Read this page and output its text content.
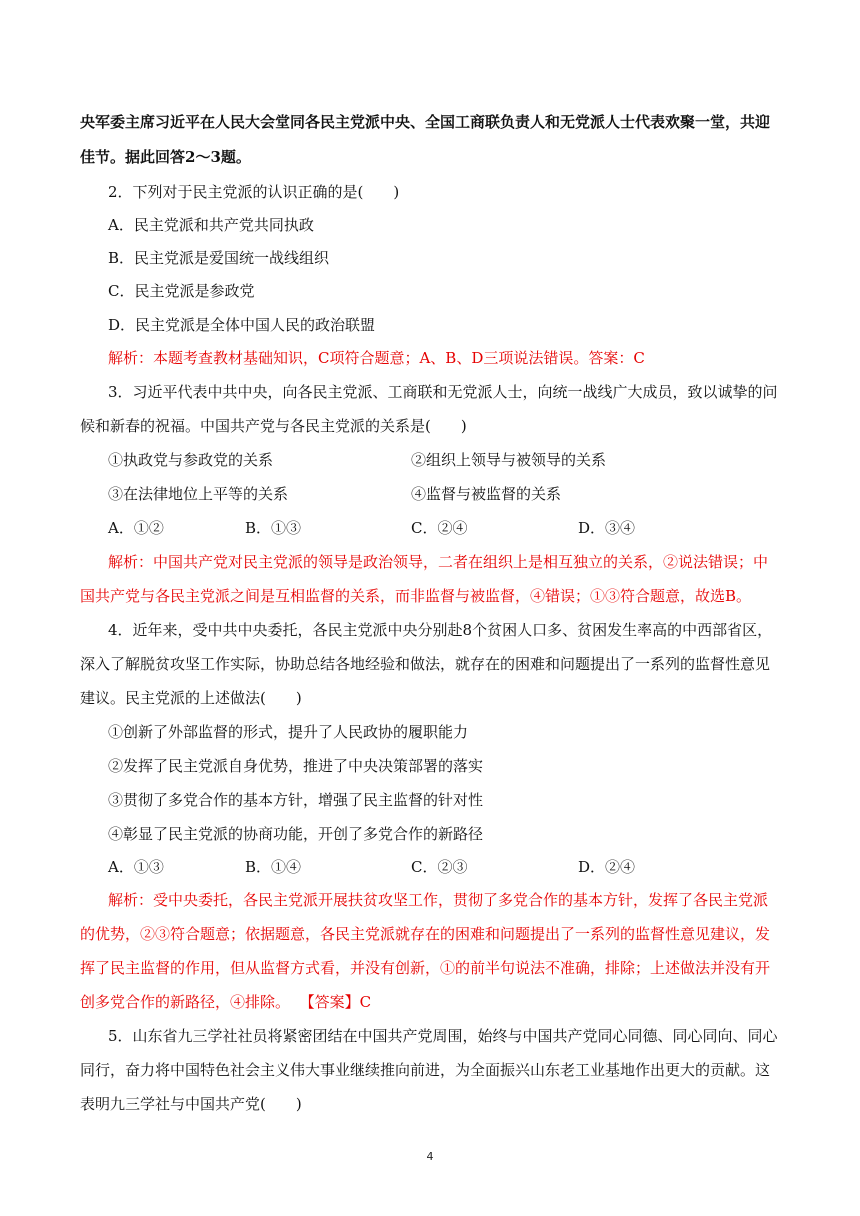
央军委主席习近平在人民大会堂同各民主党派中央、全国工商联负责人和无党派人士代表欢聚一堂，共迎
佳节。据此回答2～3题。
2．下列对于民主党派的认识正确的是(　　)
A．民主党派和共产党共同执政
B．民主党派是爱国统一战线组织
C．民主党派是参政党
D．民主党派是全体中国人民的政治联盟
解析：本题考查教材基础知识，C项符合题意；A、B、D三项说法错误。答案：C
3．习近平代表中共中央，向各民主党派、工商联和无党派人士，向统一战线广大成员，致以诚挚的问
候和新春的祝福。中国共产党与各民主党派的关系是(　　)
①执政党与参政党的关系	②组织上领导与被领导的关系
③在法律地位上平等的关系	④监督与被监督的关系
A．①②	B．①③	C．②④	D．③④
解析：中国共产党对民主党派的领导是政治领导，二者在组织上是相互独立的关系，②说法错误；中
国共产党与各民主党派之间是互相监督的关系，而非监督与被监督，④错误；①③符合题意，故选B。
4．近年来，受中共中央委托，各民主党派中央分别赴8个贫困人口多、贫困发生率高的中西部省区，
深入了解脱贫攻坚工作实际，协助总结各地经验和做法，就存在的困难和问题提出了一系列的监督性意见
建议。民主党派的上述做法(　　)
①创新了外部监督的形式，提升了人民政协的履职能力
②发挥了民主党派自身优势，推进了中央决策部署的落实
③贯彻了多党合作的基本方针，增强了民主监督的针对性
④彰显了民主党派的协商功能，开创了多党合作的新路径
A．①③	B．①④	C．②③	D．②④
解析：受中央委托，各民主党派开展扶贫攻坚工作，贯彻了多党合作的基本方针，发挥了各民主党派
的优势，②③符合题意；依据题意，各民主党派就存在的困难和问题提出了一系列的监督性意见建议，发
挥了民主监督的作用，但从监督方式看，并没有创新，①的前半句说法不准确，排除；上述做法并没有开
创多党合作的新路径，④排除。 【答案】C
5．山东省九三学社社员将紧密团结在中国共产党周围，始终与中国共产党同心同德、同心同向、同心
同行，奋力将中国特色社会主义伟大事业继续推向前进，为全面振兴山东老工业基地作出更大的贡献。这
表明九三学社与中国共产党(　　)
4
